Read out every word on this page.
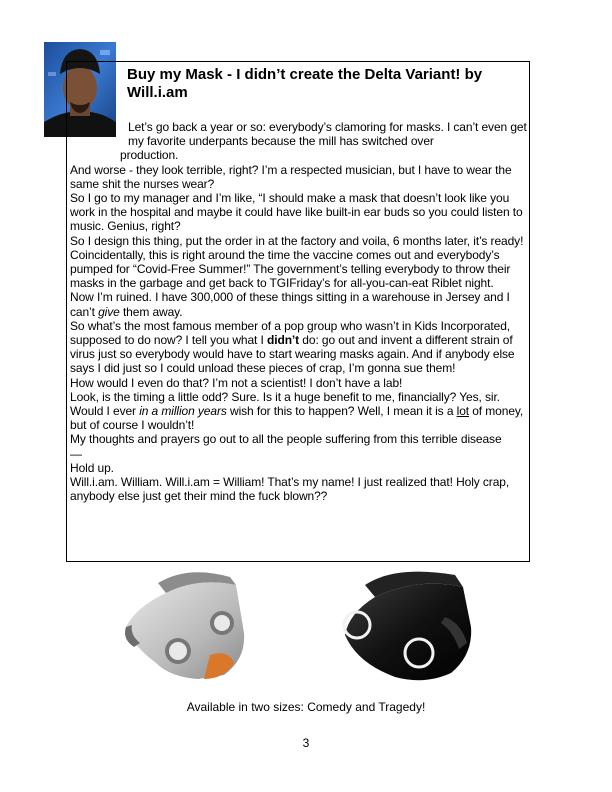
Buy my Mask - I didn’t create the Delta Variant! by Will.i.am

Let’s go back a year or so: everybody’s clamoring for masks. I can’t even get my favorite underpants because the mill has switched over
production.

And worse - they look terrible, right? I’m a respected musician, but I have to wear the same shit the nurses wear?

So I go to my manager and I’m like, “I should make a mask that doesn’t look like you work in the hospital and maybe it could have like built-in ear buds so you could listen to music. Genius, right?

So I design this thing, put the order in at the factory and voila, 6 months later, it’s ready!

Coincidentally, this is right around the time the vaccine comes out and everybody’s pumped for “Covid-Free Summer!” The government’s telling everybody to throw their masks in the garbage and get back to TGIFriday’s for all-you-can-eat Riblet night.

Now I’m ruined. I have 300,000 of these things sitting in a warehouse in Jersey and I can’t give them away.

So what’s the most famous member of a pop group who wasn’t in Kids Incorporated, supposed to do now? I tell you what I didn’t do: go out and invent a different strain of virus just so everybody would have to start wearing masks again. And if anybody else says I did just so I could unload these pieces of crap, I’m gonna sue them!

How would I even do that? I’m not a scientist! I don’t have a lab!

Look, is the timing a little odd? Sure. Is it a huge benefit to me, financially? Yes, sir. Would I ever in a million years wish for this to happen? Well, I mean it is a lot of money, but of course I wouldn’t!

My thoughts and prayers go out to all the people suffering from this terrible disease

—

Hold up.

Will.i.am. William. Will.i.am = William! That’s my name! I just realized that! Holy crap, anybody else just get their mind the fuck blown??

Available in two sizes: Comedy and Tragedy!
3
